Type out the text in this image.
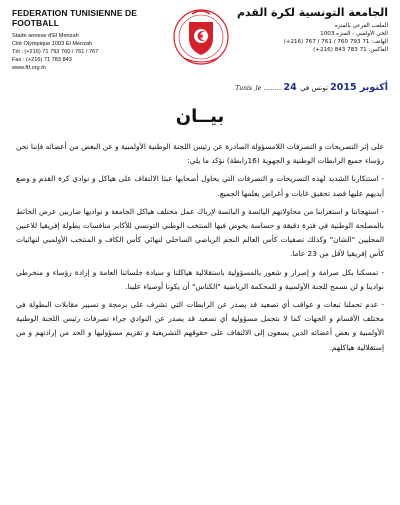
FEDERATION TUNISIENNE DE FOOTBALL
Stade annexe d'El Menzah
Cité Olympique 1003 El Menzah
Tél : (+216) 71 793 760 / 761 / 767
Fax : (+216) 71 783 843
www.ftf.org.tn
الجامعة التونسية لكرة القدم
الملعب الفرعي بالمنزه
الحي الأولمبي - المنزه 1003
الهاتف: 71 793 760 / 761 / 767 (216+)
الفاكس: 71 783 843 (216+)
Tunis ,le ........ 24 أكتوبر 2015 تونس في
بيــان

على إثر التصريحات و التصرفات اللامسؤولة الصادرة عن رئيس اللجنة الوطنية الأولمبية و عن البعض من أعضائه فإننا نحن رؤساء جميع الرابطات الوطنية و الجهوية (16رابطة) نؤكد ما يلي:

- استنكارنا الشديد لهذه التصريحات و التصرفات التي يحاول أصحابها عبثا الالتفاف على هياكل و نوادي كرة القدم و وضع أيديهم عليها قصد تحقيق غايات و أغراض يعلمها الجميع.

- استهجاننا و استغرابنا من محاولاتهم اليائسة و البائسة لإرباك عمل مختلف هياكل الجامعة و نواديها ضاربين عرض الحائط بالمصلحة الوطنية في فترة دقيقة و حساسة يخوض فيها المنتخب الوطني التونسي للأكابر منافسات بطولة إفريقيا للاعبين المحليين "الشان" وكذلك تصفيات كأس العالم النجم الرياضي الساحلي لنهائي كأس الكاف و المنتخب الأولمبي لنهائيات كأس إفريقيا لأقل من 23 عاما.

- تمسكنا بكل صرامة و إصرار و شعور بالمسؤولية باستقلالية هياكلنا و سيادة جلساتنا العامة و إرادة رؤساء و منخرطي نوادينا و لن نسمح للجنة الأولمبية و للمحكمة الرياضية "الكناس" أن يكونا أوصياء علينا.

- عدم تحملنا تبعات و عواقب أي تصعيد قد يصدر عن الرابطات التي تشرف على برمجة و تسيير مقابلات البطولة في مختلف الأقسام و الجهات كما لا نتحمل مسؤولية أي تصعيد قد يصدر عن النوادي جراء تصرفات رئيس اللجنة الوطنية الأولمبية و بعض أعضائه الذين يسعون إلى الالتفاف على حقوقهم التشريعية و تقزيم مسؤوليها و الحد من إرادتهم و من إستقلالية هياكلهم.
